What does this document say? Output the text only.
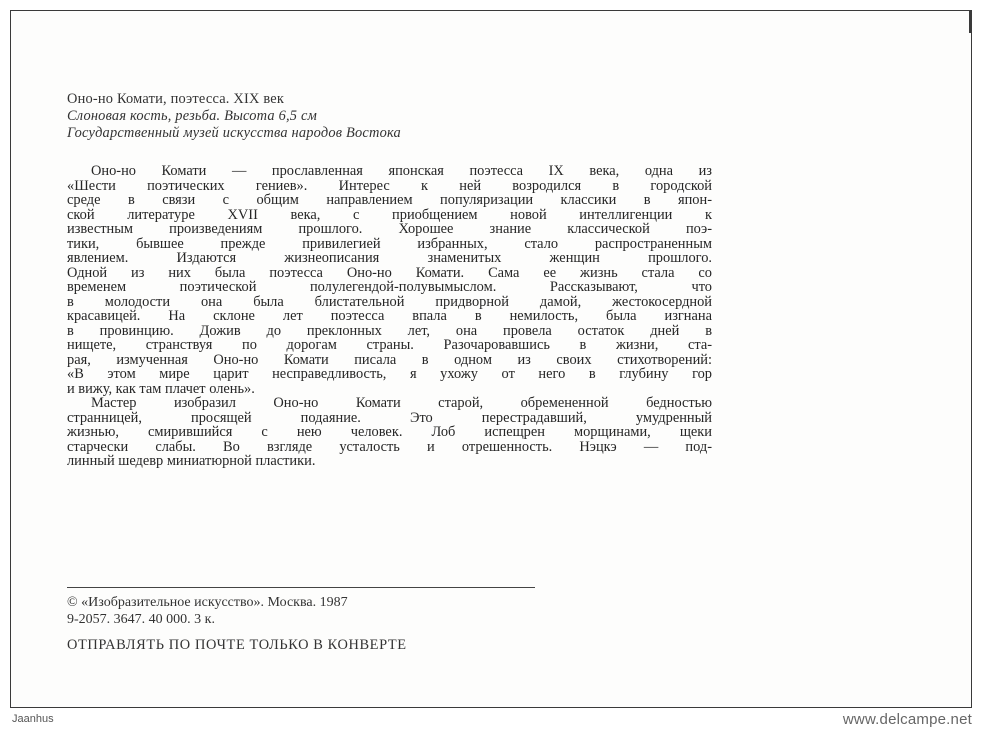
Оно-но Комати, поэтесса. XIX век
Слоновая кость, резьба. Высота 6,5 см
Государственный музей искусства народов Востока
Оно-но Комати — прославленная японская поэтесса IX века, одна из
«Шести поэтических гениев». Интерес к ней возродился в городской
среде в связи с общим направлением популяризации классики в япон-
ской литературе XVII века, с приобщением новой интеллигенции к
известным произведениям прошлого. Хорошее знание классической поэ-
тики, бывшее прежде привилегией избранных, стало распространенным
явлением. Издаются жизнеописания знаменитых женщин прошлого.
Одной из них была поэтесса Оно-но Комати. Сама ее жизнь стала со
временем поэтической полулегендой-полувымыслом. Рассказывают, что
в молодости она была блистательной придворной дамой, жестокосердной
красавицей. На склоне лет поэтесса впала в немилость, была изгнана
в провинцию. Дожив до преклонных лет, она провела остаток дней в
нищете, странствуя по дорогам страны. Разочаровавшись в жизни, ста-
рая, измученная Оно-но Комати писала в одном из своих стихотворений:
«В этом мире царит несправедливость, я ухожу от него в глубину гор
и вижу, как там плачет олень».
Мастер изобразил Оно-но Комати старой, обремененной бедностью
странницей, просящей подаяние. Это перестрадавший, умудренный
жизнью, смирившийся с нею человек. Лоб испещрен морщинами, щеки
старчески слабы. Во взгляде усталость и отрешенность. Нэцкэ — под-
линный шедевр миниатюрной пластики.
© «Изобразительное искусство». Москва. 1987
9-2057. 3647. 40 000. 3 к.
ОТПРАВЛЯТЬ ПО ПОЧТЕ ТОЛЬКО В КОНВЕРТЕ
Jaanhus	www.delcampe.net
